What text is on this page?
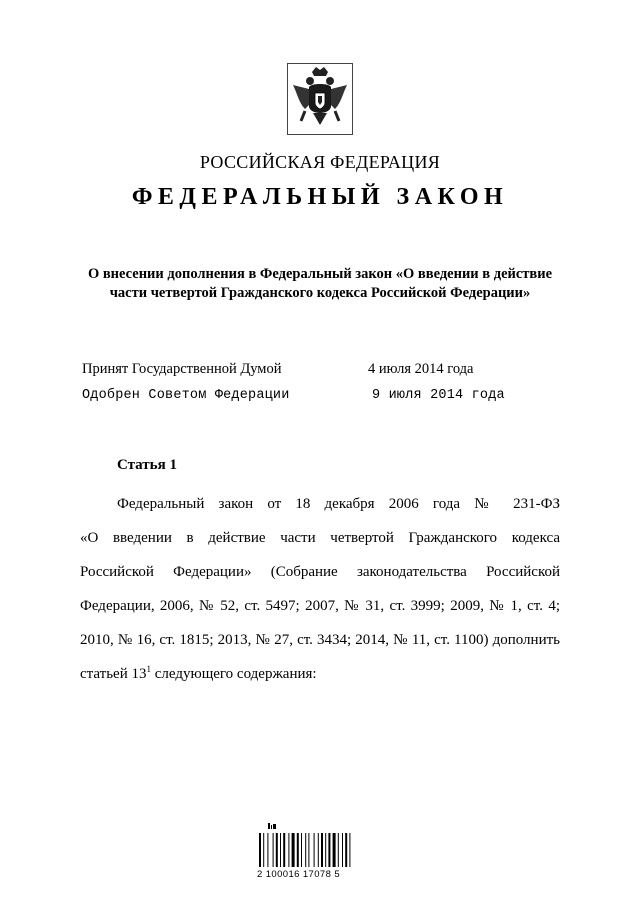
РОССИЙСКАЯ ФЕДЕРАЦИЯ
ФЕДЕРАЛЬНЫЙ ЗАКОН
О внесении дополнения в Федеральный закон «О введении в действие
части четвертой Гражданского кодекса Российской Федерации»
Принят Государственной Думой	4 июля 2014 года
Одобрен Советом Федерации	9 июля 2014 года
Статья 1
Федеральный закон от 18 декабря 2006 года № 231-ФЗ
«О введении в действие части четвертой Гражданского кодекса
Российской Федерации» (Собрание законодательства Российской
Федерации, 2006, № 52, ст. 5497; 2007, № 31, ст. 3999; 2009, № 1, ст. 4;
2010, № 16, ст. 1815; 2013, № 27, ст. 3434; 2014, № 11, ст. 1100) дополнить
статьей $13^1$ следующего содержания:
2 100016 17078 5
